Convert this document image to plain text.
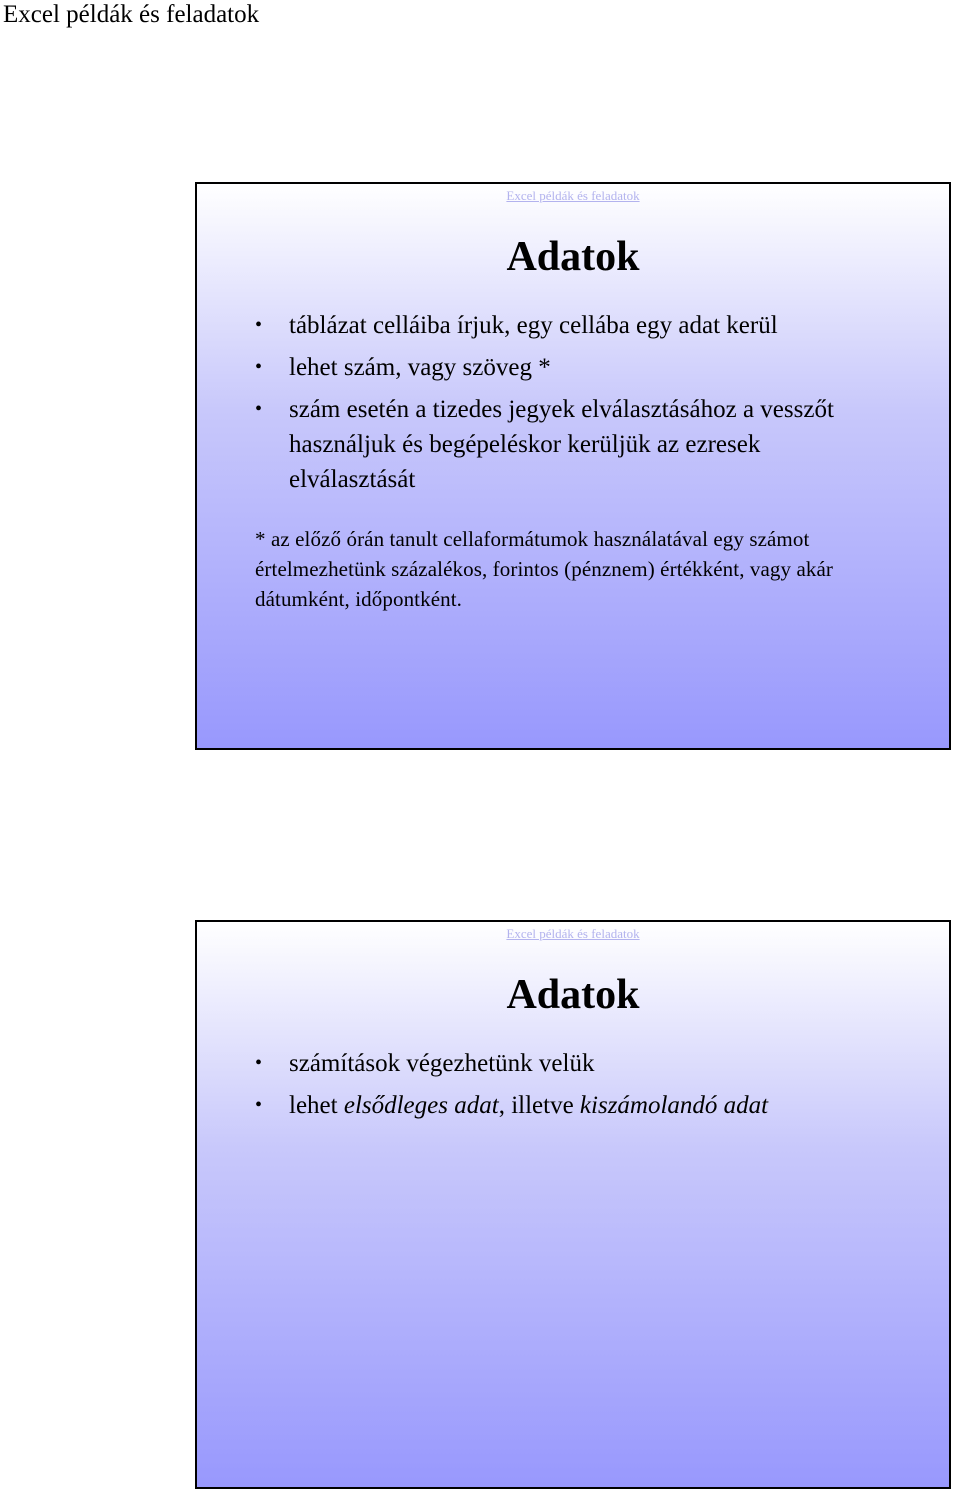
Excel példák és feladatok
Excel példák és feladatok
Adatok
• táblázat celláiba írjuk, egy cellába egy adat kerül
• lehet szám, vagy szöveg *
• szám esetén a tizedes jegyek elválasztásához a vesszőt használjuk és begépeléskor kerüljük az ezresek elválasztását
* az előző órán tanult cellaformátumok használatával egy számot értelmezhetünk százalékos, forintos (pénznem) értékként, vagy akár dátumként, időpontként.
Excel példák és feladatok
Adatok
• számítások végezhetünk velük
• lehet elsődleges adat, illetve kiszámolandó adat
